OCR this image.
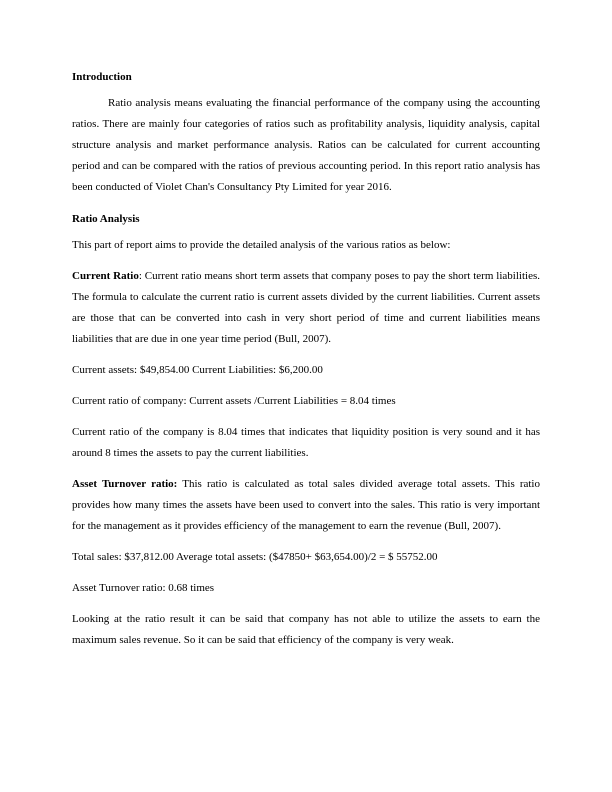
Introduction

Ratio analysis means evaluating the financial performance of the company using the accounting ratios. There are mainly four categories of ratios such as profitability analysis, liquidity analysis, capital structure analysis and market performance analysis. Ratios can be calculated for current accounting period and can be compared with the ratios of previous accounting period. In this report ratio analysis has been conducted of Violet Chan's Consultancy Pty Limited for year 2016.

Ratio Analysis

This part of report aims to provide the detailed analysis of the various ratios as below:

Current Ratio: Current ratio means short term assets that company poses to pay the short term liabilities. The formula to calculate the current ratio is current assets divided by the current liabilities. Current assets are those that can be converted into cash in very short period of time and current liabilities means liabilities that are due in one year time period (Bull, 2007).

Current assets: $49,854.00 Current Liabilities: $6,200.00

Current ratio of company: Current assets /Current Liabilities = 8.04 times

Current ratio of the company is 8.04 times that indicates that liquidity position is very sound and it has around 8 times the assets to pay the current liabilities.

Asset Turnover ratio: This ratio is calculated as total sales divided average total assets. This ratio provides how many times the assets have been used to convert into the sales. This ratio is very important for the management as it provides efficiency of the management to earn the revenue (Bull, 2007).

Total sales: $37,812.00 Average total assets: ($47850+ $63,654.00)/2 = $ 55752.00

Asset Turnover ratio: 0.68 times

Looking at the ratio result it can be said that company has not able to utilize the assets to earn the maximum sales revenue. So it can be said that efficiency of the company is very weak.
